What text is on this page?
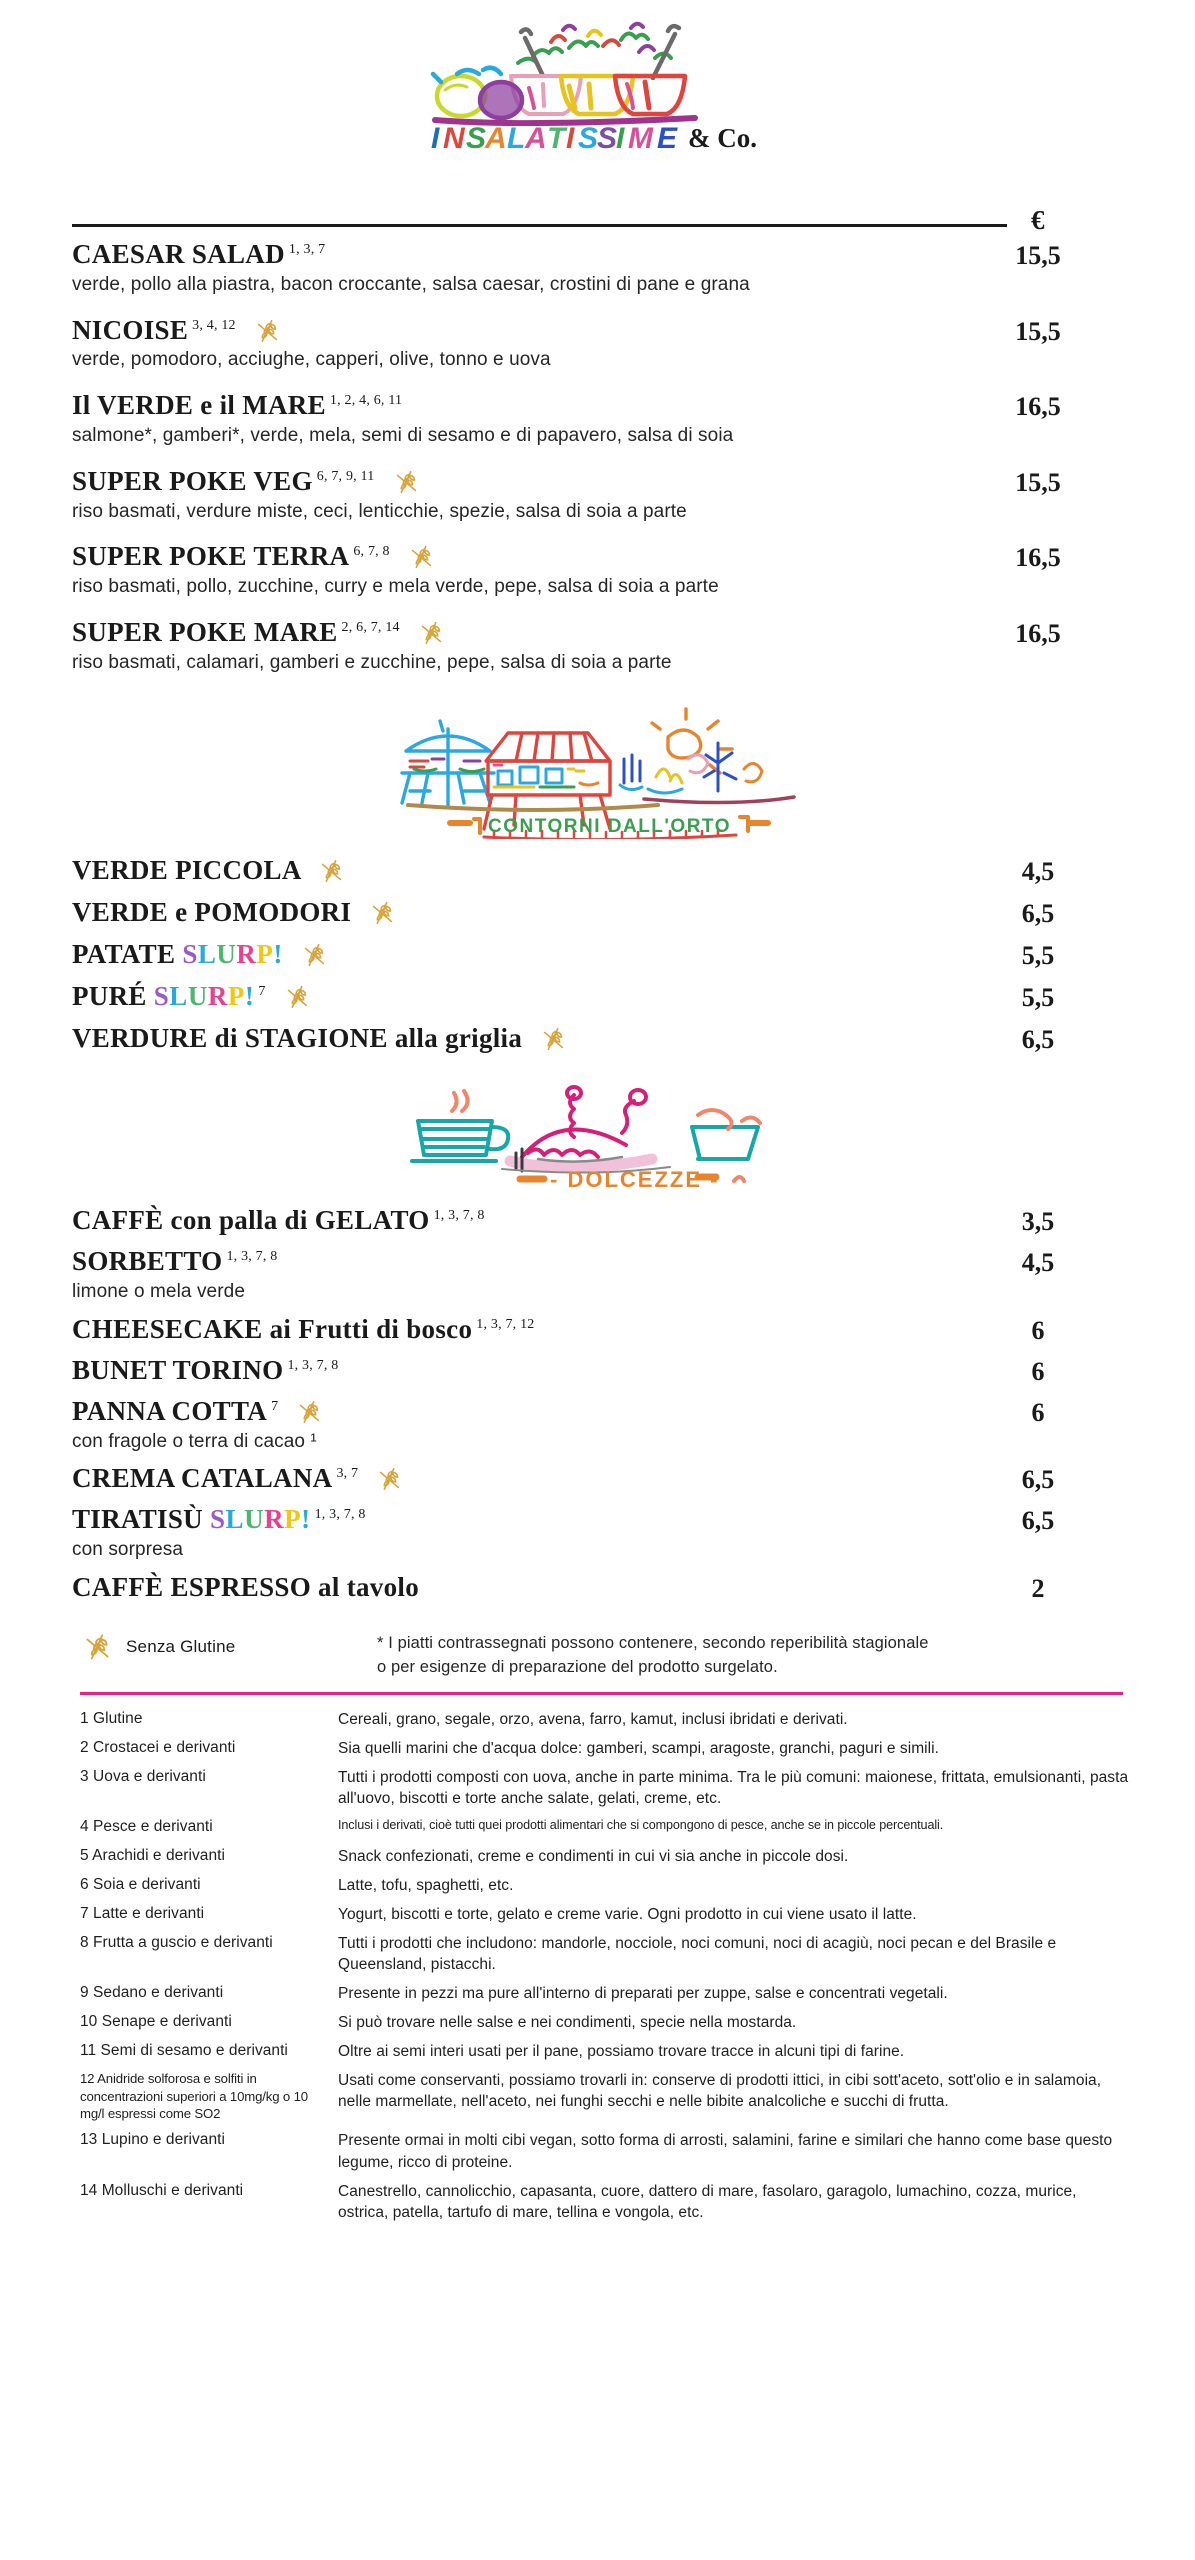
I N S
A L A T I S
S
I M E & Co.
€
CAESAR SALAD $^{1, 3, 7}$
verde, pollo alla piastra, bacon croccante, salsa caesar, crostini di pane e grana
15,5
NICOISE $^{3, 4, 12}$
verde, pomodoro, acciughe, capperi, olive, tonno e uova
15,5
Il VERDE e il MARE $^{1, 2, 4, 6, 11}$
salmone*, gamberi*, verde, mela, semi di sesamo e di papavero, salsa di soia
16,5
SUPER POKE VEG $^{6, 7, 9, 11}$
riso basmati, verdure miste, ceci, lenticchie, spezie, salsa di soia a parte
15,5
SUPER POKE TERRA $^{6, 7, 8}$
riso basmati, pollo, zucchine, curry e mela verde, pepe, salsa di soia a parte
16,5
SUPER POKE MARE $^{2, 6, 7, 14}$
riso basmati, calamari, gamberi e zucchine, pepe, salsa di soia a parte
16,5
CONTORNI DALL'ORTO
VERDE PICCOLA	4,5
VERDE e POMODORI	6,5
PATATE SLURP!	5,5
PURÉ SLURP! $^7$	5,5
VERDURE di STAGIONE alla griglia	6,5
- DOLCEZZE -
CAFFÈ con palla di GELATO $^{1, 3, 7, 8}$	3,5
SORBETTO $^{1, 3, 7, 8}$
limone o mela verde
4,5
CHEESECAKE ai Frutti di bosco $^{1, 3, 7, 12}$	6
BUNET TORINO $^{1, 3, 7, 8}$	6
PANNA COTTA $^7$
con fragole o terra di cacao ¹
6
CREMA CATALANA $^{3, 7}$	6,5
TIRATISÙ SLURP! $^{1, 3, 7, 8}$
con sorpresa
6,5
CAFFÈ ESPRESSO al tavolo	2
Senza Glutine	* I piatti contrassegnati possono contenere, secondo reperibilità stagionale
o per esigenze di preparazione del prodotto surgelato.
1 Glutine	Cereali, grano, segale, orzo, avena, farro, kamut, inclusi ibridati e derivati.
2 Crostacei e derivanti	Sia quelli marini che d'acqua dolce: gamberi, scampi, aragoste, granchi, paguri e simili.
3 Uova e derivanti	Tutti i prodotti composti con uova, anche in parte minima. Tra le più comuni: maionese, frittata, emulsionanti, pasta all'uovo, biscotti e torte anche salate, gelati, creme, etc.
4 Pesce e derivanti	Inclusi i derivati, cioè tutti quei prodotti alimentari che si compongono di pesce, anche se in piccole percentuali.
5 Arachidi e derivanti	Snack confezionati, creme e condimenti in cui vi sia anche in piccole dosi.
6 Soia e derivanti	Latte, tofu, spaghetti, etc.
7 Latte e derivanti	Yogurt, biscotti e torte, gelato e creme varie. Ogni prodotto in cui viene usato il latte.
8 Frutta a guscio e derivanti	Tutti i prodotti che includono: mandorle, nocciole, noci comuni, noci di acagiù, noci pecan e del Brasile e Queensland, pistacchi.
9 Sedano e derivanti	Presente in pezzi ma pure all'interno di preparati per zuppe, salse e concentrati vegetali.
10 Senape e derivanti	Si può trovare nelle salse e nei condimenti, specie nella mostarda.
11 Semi di sesamo e derivanti	Oltre ai semi interi usati per il pane, possiamo trovare tracce in alcuni tipi di farine.
12 Anidride solforosa e solfiti in concentrazioni superiori a 10mg/kg o 10 mg/l espressi come SO2	Usati come conservanti, possiamo trovarli in: conserve di prodotti ittici, in cibi sott'aceto, sott'olio e in salamoia, nelle marmellate, nell'aceto, nei funghi secchi e nelle bibite analcoliche e succhi di frutta.
13 Lupino e derivanti	Presente ormai in molti cibi vegan, sotto forma di arrosti, salamini, farine e similari che hanno come base questo legume, ricco di proteine.
14 Molluschi e derivanti	Canestrello, cannolicchio, capasanta, cuore, dattero di mare, fasolaro, garagolo, lumachino, cozza, murice, ostrica, patella, tartufo di mare, tellina e vongola, etc.
